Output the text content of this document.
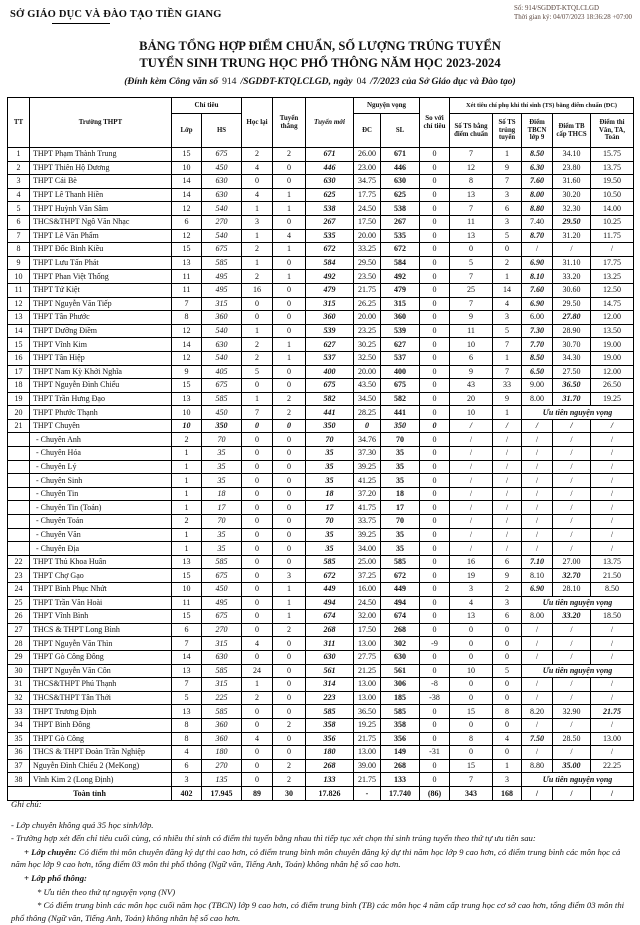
SỞ GIÁO DỤC VÀ ĐÀO TẠO TIỀN GIANG
Số: 914/SGDĐT-KTQLCLGD
Thời gian ký: 04/07/2023 18:36:28 +07:00
BẢNG TỔNG HỢP ĐIỂM CHUẨN, SỐ LƯỢNG TRÚNG TUYỂN
TUYỂN SINH TRUNG HỌC PHỔ THÔNG NĂM HỌC 2023-2024
(Đính kèm Công văn số 914 /SGDĐT-KTQLCLGD, ngày 04 /7/2023 của Sở Giáo dục và Đào tạo)
TT	Trường THPT	Chỉ tiêu		Học lại	Tuyển thẳng	Tuyển mới	Nguyện vọng		So với chỉ tiêu	Xét tiêu chí phụ khi thí sinh (TS) bằng điểm chuẩn (ĐC)				
		Lớp	HS				ĐC	SL		Số TS bằng điểm chuẩn	Số TS trúng tuyển	Điểm TBCN lớp 9	Điểm TB cấp THCS	Điểm thi Văn, TA, Toán
1	THPT Phạm Thành Trung	15	675	2	2	671	26.00	671	0	7	1	8.50	34.10	15.75
2	THPT Thiên Hộ Dương	10	450	4	0	446	23.00	446	0	12	9	6.30	23.80	13.75
3	THPT Cái Bè	14	630	0	0	630	34.75	630	0	8	7	7.60	31.60	19.50
4	THPT Lê Thanh Hiền	14	630	4	1	625	17.75	625	0	13	3	8.00	30.20	10.50
5	THPT Huỳnh Văn Sâm	12	540	1	1	538	24.50	538	0	7	6	8.80	32.30	14.00
6	THCS&THPT Ngô Văn Nhạc	6	270	3	0	267	17.50	267	0	11	3	7.40	29.50	10.25
7	THPT Lê Văn Phẩm	12	540	1	4	535	20.00	535	0	13	5	8.70	31.20	11.75
8	THPT Đốc Binh Kiều	15	675	2	1	672	33.25	672	0	0	0	/	/	/
9	THPT Lưu Tấn Phát	13	585	1	0	584	29.50	584	0	5	2	6.90	31.10	17.75
10	THPT Phan Việt Thống	11	495	2	1	492	23.50	492	0	7	1	8.10	33.20	13.25
11	THPT Tứ Kiệt	11	495	16	0	479	21.75	479	0	25	14	7.60	30.60	12.50
12	THPT Nguyễn Văn Tiếp	7	315	0	0	315	26.25	315	0	7	4	6.90	29.50	14.75
13	THPT Tân Phước	8	360	0	0	360	20.00	360	0	9	3	6.00	27.80	12.00
14	THPT Dưỡng Điềm	12	540	1	0	539	23.25	539	0	11	5	7.30	28.90	13.50
15	THPT Vĩnh Kim	14	630	2	1	627	30.25	627	0	10	7	7.70	30.70	19.00
16	THPT Tân Hiệp	12	540	2	1	537	32.50	537	0	6	1	8.50	34.30	19.00
17	THPT Nam Kỳ Khởi Nghĩa	9	405	5	0	400	20.00	400	0	9	7	6.50	27.50	12.00
18	THPT Nguyễn Đình Chiểu	15	675	0	0	675	43.50	675	0	43	33	9.00	36.50	26.50
19	THPT Trần Hưng Đạo	13	585	1	2	582	34.50	582	0	20	9	8.00	31.70	19.25
20	THPT Phước Thạnh	10	450	7	2	441	28.25	441	0	10	1	Ưu tiên nguyện vọng		
21	THPT Chuyên	10	350	0	0	350	0	350	0	/	/	/	/	/
	- Chuyên Anh	2	70	0	0	70	34.76	70	0	/	/	/	/	/
	- Chuyên Hóa	1	35	0	0	35	37.30	35	0	/	/	/	/	/
	- Chuyên Lý	1	35	0	0	35	39.25	35	0	/	/	/	/	/
	- Chuyên Sinh	1	35	0	0	35	41.25	35	0	/	/	/	/	/
	- Chuyên Tin	1	18	0	0	18	37.20	18	0	/	/	/	/	/
	- Chuyên Tin (Toán)	1	17	0	0	17	41.75	17	0	/	/	/	/	/
	- Chuyên Toán	2	70	0	0	70	33.75	70	0	/	/	/	/	/
	- Chuyên Văn	1	35	0	0	35	39.25	35	0	/	/	/	/	/
	- Chuyên Địa	1	35	0	0	35	34.00	35	0	/	/	/	/	/
22	THPT Thủ Khoa Huân	13	585	0	0	585	25.00	585	0	16	6	7.10	27.00	13.75
23	THPT Chợ Gạo	15	675	0	3	672	37.25	672	0	19	9	8.10	32.70	21.50
24	THPT Bình Phục Nhứt	10	450	0	1	449	16.00	449	0	3	2	6.90	28.10	8.50
25	THPT Trần Văn Hoài	11	495	0	1	494	24.50	494	0	4	3	Ưu tiên nguyện vọng		
26	THPT Vĩnh Bình	15	675	0	1	674	32.00	674	0	13	6	8.00	33.20	18.50
27	THCS & THPT Long Bình	6	270	0	2	268	17.50	268	0	0	0	/	/	/
28	THPT Nguyễn Văn Thìn	7	315	4	0	311	13.00	302	-9	0	0	/	/	/
29	THPT Gò Công Đông	14	630	0	0	630	27.75	630	0	0	0	/	/	/
30	THPT Nguyễn Văn Côn	13	585	24	0	561	21.25	561	0	10	5	Ưu tiên nguyện vọng		
31	THCS&THPT Phú Thạnh	7	315	1	0	314	13.00	306	-8	0	0	/	/	/
32	THCS&THPT Tân Thới	5	225	2	0	223	13.00	185	-38	0	0	/	/	/
33	THPT Trương Định	13	585	0	0	585	36.50	585	0	15	8	8.20	32.90	21.75
34	THPT Bình Đông	8	360	0	2	358	19.25	358	0	0	0	/	/	/
35	THPT Gò Công	8	360	4	0	356	21.75	356	0	8	4	7.50	28.50	13.00
36	THCS & THPT Đoàn Trần Nghiệp	4	180	0	0	180	13.00	149	-31	0	0	/	/	/
37	Nguyễn Đình Chiểu 2 (MeKong)	6	270	0	2	268	39.00	268	0	15	1	8.80	35.00	22.25
38	Vĩnh Kim 2 (Long Định)	3	135	0	2	133	21.75	133	0	7	3	Ưu tiên nguyện vọng		
Toàn tỉnh		402	17.945	89	30	17.826	-	17.740	(86)	343	168	/	/	/

Ghi chú:

- Lớp chuyên không quá 35 học sinh/lớp.

- Trường hợp xét đến chỉ tiêu cuối cùng, có nhiều thí sinh có điểm thi tuyển bằng nhau thì tiếp tục xét chọn thí sinh trúng tuyển theo thứ tự ưu tiên sau:

+ Lớp chuyên: Có điểm thi môn chuyên đăng ký dự thi cao hơn, có điểm trung bình môn chuyên đăng ký dự thi năm học lớp 9 cao hơn, có điểm trung bình các môn học cả năm học lớp 9 cao hơn, tổng điểm 03 môn thi phổ thông (Ngữ văn, Tiếng Anh, Toán) không nhân hệ số cao hơn.

+ Lớp phổ thông:

* Ưu tiên theo thứ tự nguyện vọng (NV)

* Có điểm trung bình các môn học cuối năm học (TBCN) lớp 9 cao hơn, có điểm trung bình (TB) các môn học 4 năm cấp trung học cơ sở cao hơn, tổng điểm 03 môn thi phổ thông (Ngữ văn, Tiếng Anh, Toán) không nhân hệ số cao hơn.
